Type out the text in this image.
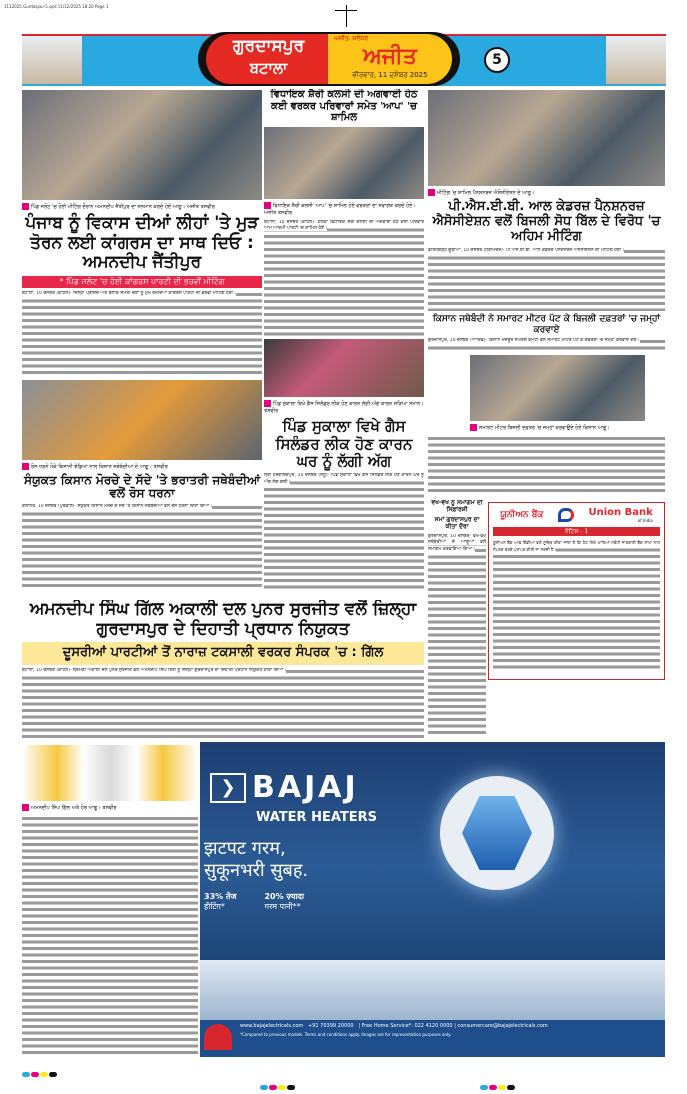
1112025 Gurdaspur-5.qxd 11/12/2025 18:20 Page 1
ਗੁਰਦਾਸਪੁਰ
ਬਟਾਲਾ
ਅਜੀਤ, ਜਲੰਧਰ
ਅਜੀਤ
ਵੀਰਵਾਰ, 11 ਦਸੰਬਰ 2025
5
ਪਿੰਡ ਜਲੋਟ 'ਚ ਹੋਈ ਮੀਟਿੰਗ ਦੌਰਾਨ ਅਮਨਦੀਪ ਜੈਂਤੀਪੁਰ ਦਾ ਸਨਮਾਨ ਕਰਦੇ ਹੋਏ ਆਗੂ। ਅਜੀਤ ਤਸਵੀਰ
ਪੰਜਾਬ ਨੂੰ ਵਿਕਾਸ ਦੀਆਂ ਲੀਹਾਂ 'ਤੇ ਮੁੜ ਤੋਰਨ ਲਈ ਕਾਂਗਰਸ ਦਾ ਸਾਥ ਦਿਓ : ਅਮਨਦੀਪ ਜੈਂਤੀਪੁਰ
* ਪਿੰਡ ਜਲੋਟ 'ਚ ਹੋਈ ਕਾਂਗਰਸ ਪਾਰਟੀ ਦੀ ਭਰਵੀਂ ਮੀਟਿੰਗ
ਬਟਾਲਾ, 10 ਦਸੰਬਰ (ਕਾਹਲੋਂ)- ਜ਼ਿਲ੍ਹਾ ਪ੍ਰੀਸ਼ਦ ਅਤੇ ਬਲਾਕ ਸੰਮਤੀ ਚੋਣਾਂ ਨੂੰ ਮੁੱਖ ਰੱਖਦਿਆਂ ਕਾਂਗਰਸ ਪਾਰਟੀ ਦੀ ਭਰਵੀਂ ਮੀਟਿੰਗ ਹੋਈ।
ਰੋਸ ਧਰਨੇ ਮੌਕੇ ਕਿਸਾਨੀ ਝੰਡਿਆਂ ਨਾਲ ਕਿਸਾਨ ਜਥੇਬੰਦੀਆਂ ਦੇ ਆਗੂ। ਤਸਵੀਰ
ਸੰਯੁਕਤ ਕਿਸਾਨ ਮੋਰਚੇ ਦੇ ਸੱਦੇ 'ਤੇ ਭਰਾਤਰੀ ਜਥੇਬੰਦੀਆਂ ਵਲੋਂ ਰੋਸ ਧਰਨਾ
ਕਲਾਨੌਰ, 10 ਦਸੰਬਰ (ਪੁਰੇਵਾਲ)- ਸੰਯੁਕਤ ਕਿਸਾਨ ਮੋਰਚੇ ਦੇ ਸੱਦੇ 'ਤੇ ਕਿਸਾਨ ਜਥੇਬੰਦੀਆਂ ਵਲੋਂ ਰੋਸ ਧਰਨਾ ਦਿੱਤਾ ਗਿਆ।
ਵਿਧਾਇਕ ਸ਼ੈਰੀ ਕਲਸੀ ਦੀ ਅਗਵਾਈ ਹੇਠ ਕਈ ਵਰਕਰ ਪਰਿਵਾਰਾਂ ਸਮੇਤ 'ਆਪ' 'ਚ ਸ਼ਾਮਿਲ
ਵਿਧਾਇਕ ਸ਼ੈਰੀ ਕਲਸੀ 'ਆਪ' 'ਚ ਸ਼ਾਮਿਲ ਹੋਏ ਵਰਕਰਾਂ ਦਾ ਸਵਾਗਤ ਕਰਦੇ ਹੋਏ। ਅਜੀਤ ਤਸਵੀਰ
ਬਟਾਲਾ, 10 ਦਸੰਬਰ (ਕਾਹਲੋਂ)- ਹਲਕਾ ਵਿਧਾਇਕ ਸ਼ੈਰੀ ਕਲਸੀ ਦੀ ਅਗਵਾਈ ਹੇਠ ਕਈ ਪਰਿਵਾਰ ਆਮ ਆਦਮੀ ਪਾਰਟੀ 'ਚ ਸ਼ਾਮਿਲ ਹੋਏ।
ਪਿੰਡ ਸੁਕਾਲਾ ਵਿਖੇ ਗੈਸ ਸਿਲੰਡਰ ਲੀਕ ਹੋਣ ਕਾਰਨ ਲੱਗੀ ਅੱਗ ਕਾਰਨ ਸੜਿਆ ਸਮਾਨ। ਤਸਵੀਰ
ਪਿੰਡ ਸੁਕਾਲਾ ਵਿਖੇ ਗੈਸ ਸਿਲੰਡਰ ਲੀਕ ਹੋਣ ਕਾਰਨ ਘਰ ਨੂੰ ਲੱਗੀ ਅੱਗ
ਸ੍ਰੀ ਹਰਗੋਬਿੰਦਪੁਰ, 10 ਦਸੰਬਰ (ਸੰਧੂ)- ਪਿੰਡ ਸੁਕਾਲਾ ਵਿਖੇ ਗੈਸ ਸਿਲੰਡਰ ਲੀਕ ਹੋਣ ਕਾਰਨ ਘਰ ਨੂੰ ਅੱਗ ਲੱਗ ਗਈ।
ਮੀਟਿੰਗ 'ਚ ਸ਼ਾਮਿਲ ਪੈਨਸ਼ਨਰਜ਼ ਐਸੋਸੀਏਸ਼ਨ ਦੇ ਆਗੂ।
ਪੀ.ਐਸ.ਈ.ਬੀ. ਆਲ ਕੇਡਰਜ਼ ਪੈਨਸ਼ਨਰਜ਼ ਐਸੋਸੀਏਸ਼ਨ ਵਲੋਂ ਬਿਜਲੀ ਸੋਧ ਬਿੱਲ ਦੇ ਵਿਰੋਧ 'ਚ ਅਹਿਮ ਮੀਟਿੰਗ
ਫਤਿਹਗੜ੍ਹ ਚੂੜੀਆਂ, 10 ਦਸੰਬਰ (ਧਰਮਿੰਦਰ)- ਪੀ.ਐਸ.ਈ.ਬੀ. ਆਲ ਕੇਡਰਜ਼ ਪੈਨਸ਼ਨਰਜ਼ ਐਸੋਸੀਏਸ਼ਨ ਦੀ ਮੀਟਿੰਗ ਹੋਈ।
ਕਿਸਾਨ ਜਥੇਬੰਦੀ ਨੇ ਸਮਾਰਟ ਮੀਟਰ ਪੱਟ ਕੇ ਬਿਜਲੀ ਦਫ਼ਤਰਾਂ 'ਚ ਜਮ੍ਹਾਂ ਕਰਵਾਏ
ਗੁਰਦਾਸਪੁਰ, 10 ਦਸੰਬਰ (ਆਰਿਫ)- ਕਿਸਾਨ ਮਜ਼ਦੂਰ ਸੰਘਰਸ਼ ਕਮੇਟੀ ਵਲੋਂ ਸਮਾਰਟ ਮੀਟਰ ਪੱਟ ਕੇ ਦਫ਼ਤਰਾਂ 'ਚ ਜਮ੍ਹਾਂ ਕਰਵਾਏ ਗਏ।
ਸਮਾਰਟ ਮੀਟਰ ਬਿਜਲੀ ਦਫ਼ਤਰ 'ਚ ਜਮ੍ਹਾਂ ਕਰਵਾਉਂਦੇ ਹੋਏ ਕਿਸਾਨ ਆਗੂ।
ਵੱਖ-ਵੱਖ ਨੂੰ ਸਮਾਗਮ ਦੀ ਸਿਫ਼ਾਰਸ਼ੀ
ਸਮਾਂ ਗੁਰਦਾਸਪੁਰ ਦਾ ਕੀਤਾ ਦੌਰਾ
ਗੁਰਦਾਸਪੁਰ, 10 ਦਸੰਬਰ- ਵੱਖ-ਵੱਖ ਜਥੇਬੰਦੀਆਂ ਦੇ ਆਗੂਆਂ ਵਲੋਂ ਸਮਾਗਮ ਕਰਵਾਇਆ ਗਿਆ।
ਯੂਨੀਅਨ ਬੈਂਕ	Union Bank
of India
ਨੋਟਿਸ - 1
ਯੂਨੀਅਨ ਬੈਂਕ ਆਫ ਇੰਡੀਆ ਵਲੋਂ ਸੂਚਿਤ ਕੀਤਾ ਜਾਂਦਾ ਹੈ ਕਿ ਹੇਠ ਲਿਖੇ ਖਾਤਿਆਂ ਸਬੰਧੀ ਜਾਣਕਾਰੀ ਬੈਂਕ ਸ਼ਾਖਾ ਨਾਲ ਸੰਪਰਕ ਕਰਕੇ ਪ੍ਰਾਪਤ ਕੀਤੀ ਜਾ ਸਕਦੀ ਹੈ।
ਅਮਨਦੀਪ ਸਿੰਘ ਗਿੱਲ ਅਕਾਲੀ ਦਲ ਪੁਨਰ ਸੁਰਜੀਤ ਵਲੋਂ ਜ਼ਿਲ੍ਹਾ ਗੁਰਦਾਸਪੁਰ ਦੇ ਦਿਹਾਤੀ ਪ੍ਰਧਾਨ ਨਿਯੁਕਤ
ਦੂਸਰੀਆਂ ਪਾਰਟੀਆਂ ਤੋਂ ਨਾਰਾਜ਼ ਟਕਸਾਲੀ ਵਰਕਰ ਸੰਪਰਕ 'ਚ : ਗਿੱਲ
ਬਟਾਲਾ, 10 ਦਸੰਬਰ (ਕਾਹਲੋਂ)- ਸ਼੍ਰੋਮਣੀ ਅਕਾਲੀ ਦਲ ਪੁਨਰ ਸੁਰਜੀਤ ਵਲੋਂ ਅਮਨਦੀਪ ਸਿੰਘ ਗਿੱਲ ਨੂੰ ਜ਼ਿਲ੍ਹਾ ਗੁਰਦਾਸਪੁਰ ਦਾ ਦਿਹਾਤੀ ਪ੍ਰਧਾਨ ਨਿਯੁਕਤ ਕੀਤਾ ਗਿਆ।
ਅਮਨਦੀਪ ਸਿੰਘ ਗਿੱਲ ਅਤੇ ਹੋਰ ਆਗੂ। ਤਸਵੀਰ
❯ BAJAJ
WATER HEATERS
झटपट गरम,
सुकूनभरी सुबह.
33% तेज
हीटिंग*
20% ज़्यादा
गरम पानी**
www.bajajelectricals.com +91 70399 20000 | Free Home Service*: 022 4120 0000 | consumercare@bajajelectricals.com
*Compared to previous models. Terms and conditions apply. Images are for representation purposes only.
